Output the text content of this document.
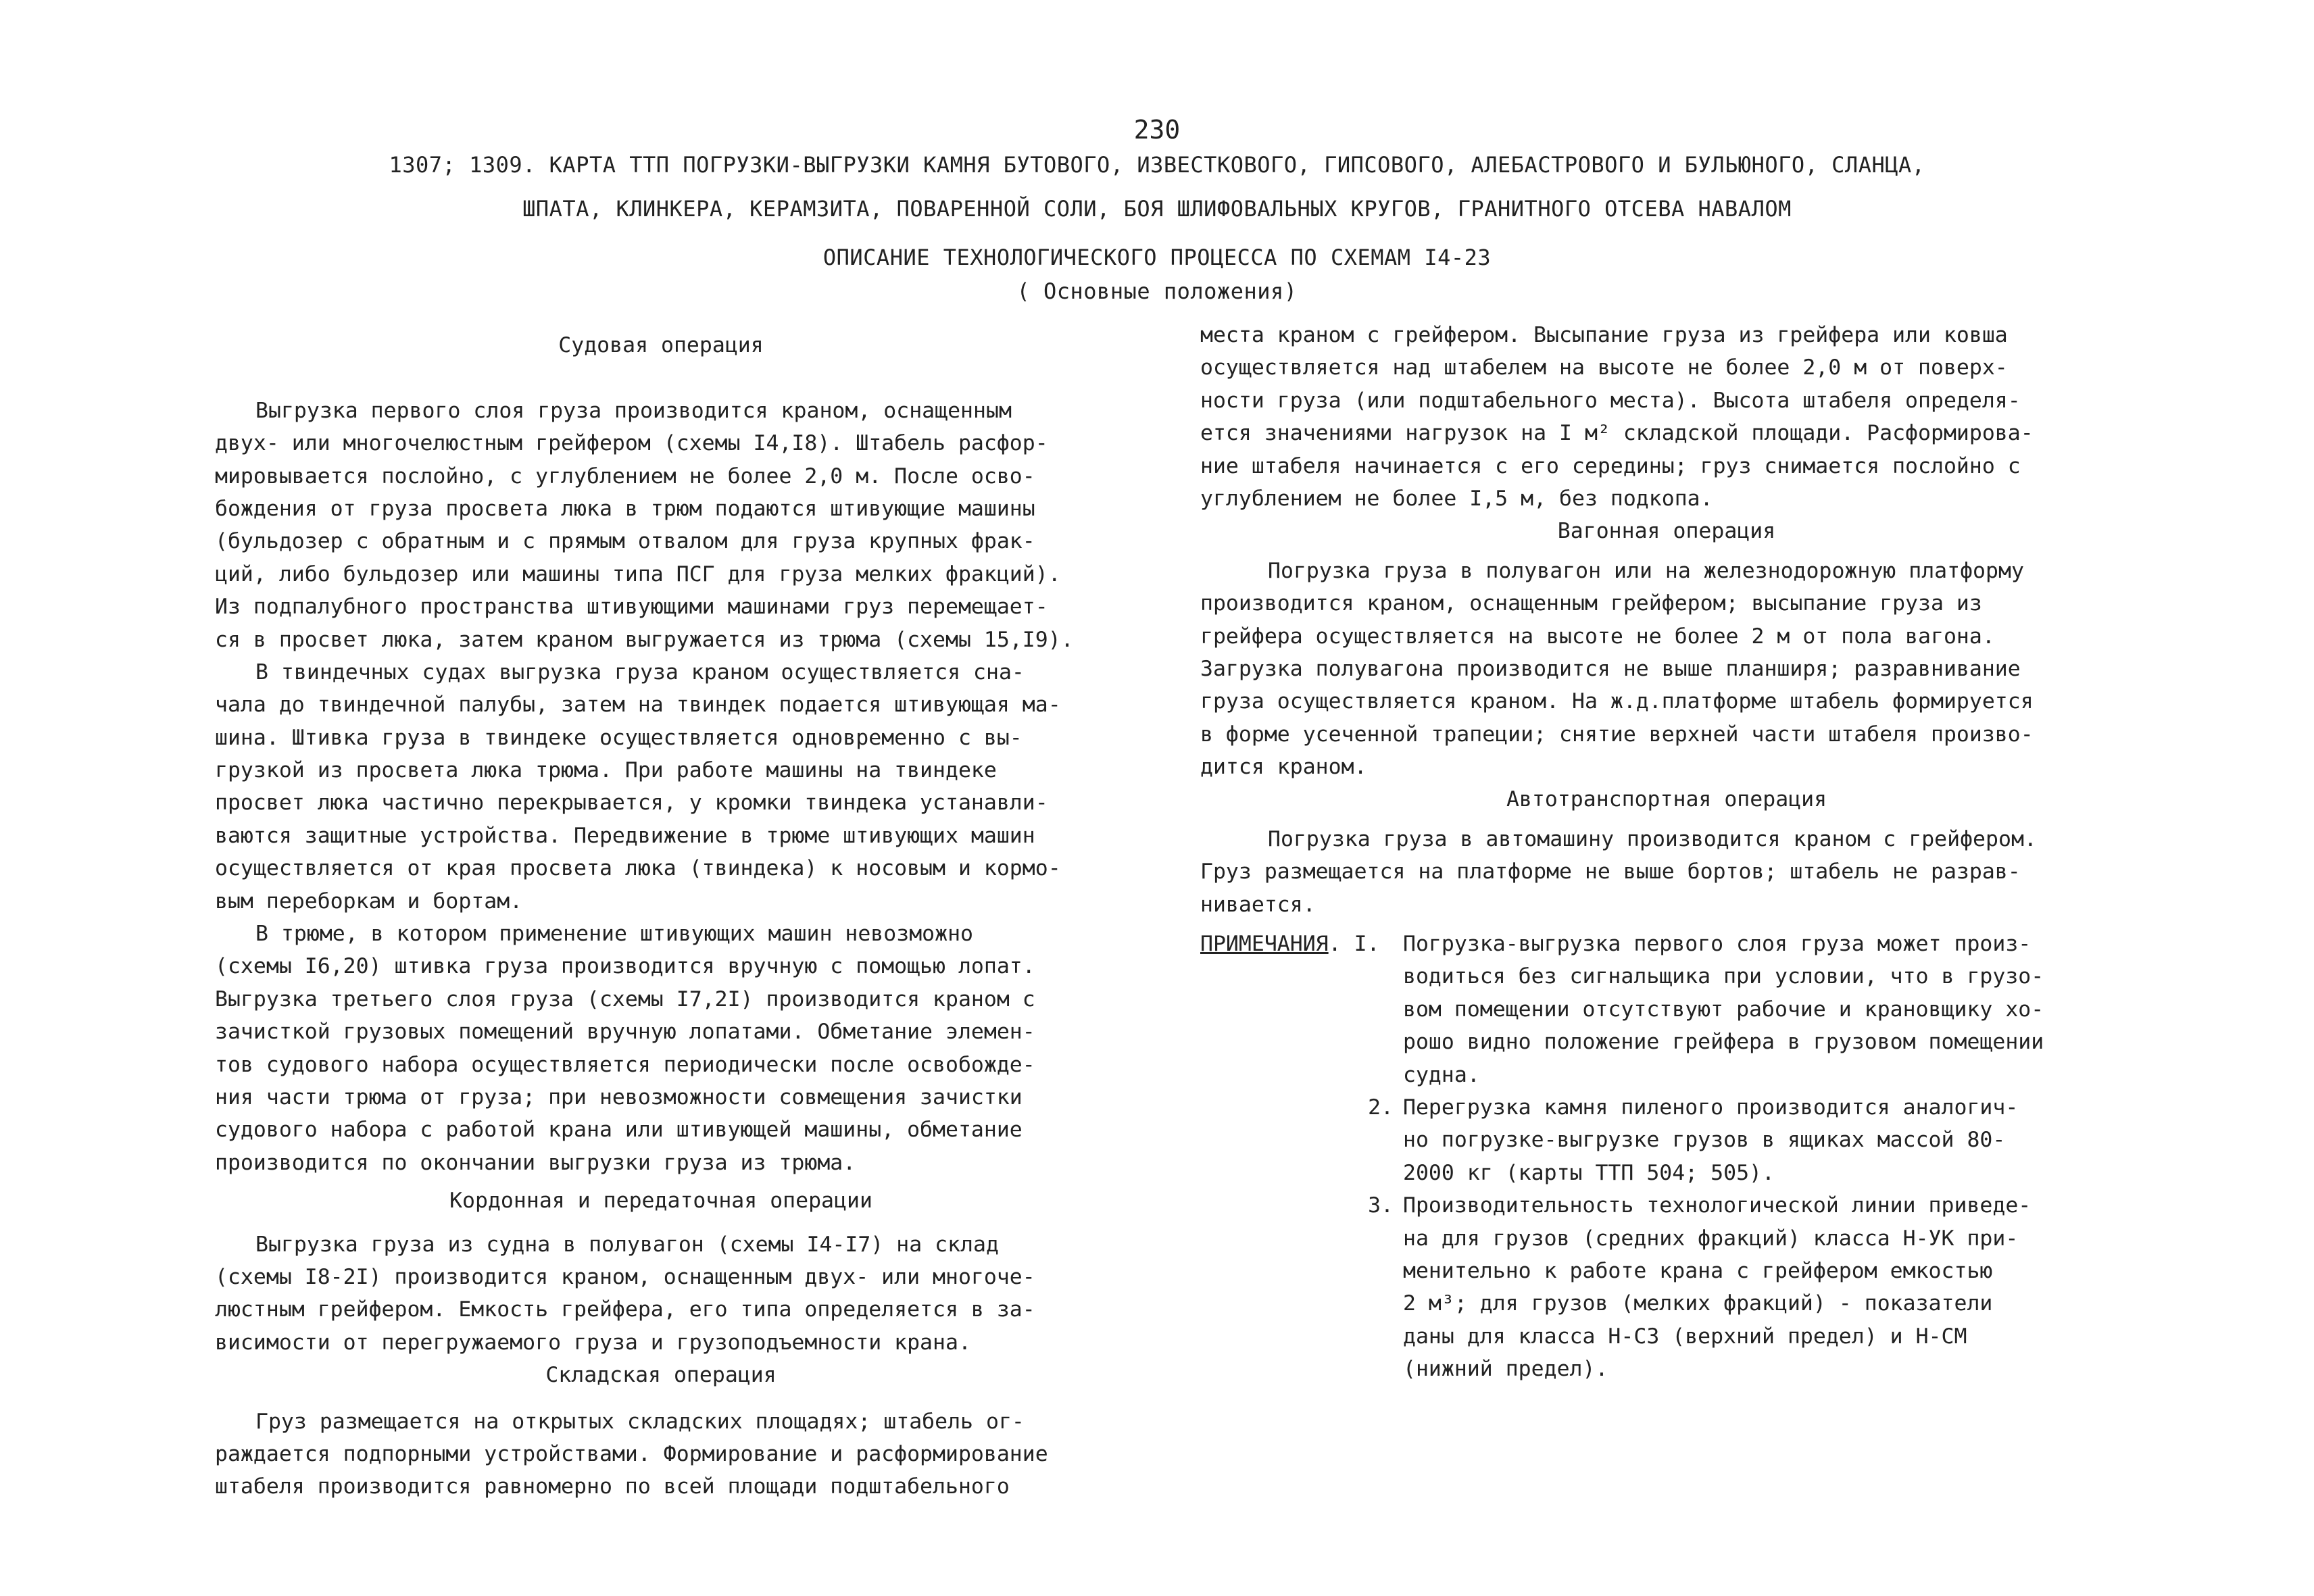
230
1307; 1309. КАРТА ТТП ПОГРУЗКИ-ВЫГРУЗКИ КАМНЯ БУТОВОГО, ИЗВЕСТКОВОГО, ГИПСОВОГО, АЛЕБАСТРОВОГО И БУЛЬЮНОГО, СЛАНЦА,
ШПАТА, КЛИНКЕРА, КЕРАМЗИТА, ПОВАРЕННОЙ СОЛИ, БОЯ ШЛИФОВАЛЬНЫХ КРУГОВ, ГРАНИТНОГО ОТСЕВА НАВАЛОМ
ОПИСАНИЕ ТЕХНОЛОГИЧЕСКОГО ПРОЦЕССА ПО СХЕМАМ I4-23
( Основные положения)
Судовая операция
Выгрузка первого слоя груза производится краном, оснащенным
двух- или многочелюстным грейфером (схемы I4,I8). Штабель расфор-
мировывается послойно, с углублением не более 2,0 м. После осво-
бождения от груза просвета люка в трюм подаются штивующие машины
(бульдозер с обратным и с прямым отвалом для груза крупных фрак-
ций, либо бульдозер или машины типа ПСГ для груза мелких фракций).
Из подпалубного пространства штивующими машинами груз перемещает-
ся в просвет люка, затем краном выгружается из трюма (схемы 15,I9).
В твиндечных судах выгрузка груза краном осуществляется сна-
чала до твиндечной палубы, затем на твиндек подается штивующая ма-
шина. Штивка груза в твиндеке осуществляется одновременно с вы-
грузкой из просвета люка трюма. При работе машины на твиндеке
просвет люка частично перекрывается, у кромки твиндека устанавли-
ваются защитные устройства. Передвижение в трюме штивующих машин
осуществляется от края просвета люка (твиндека) к носовым и кормо-
вым переборкам и бортам.
В трюме, в котором применение штивующих машин невозможно
(схемы I6,20) штивка груза производится вручную с помощью лопат.
Выгрузка третьего слоя груза (схемы I7,2I) производится краном с
зачисткой грузовых помещений вручную лопатами. Обметание элемен-
тов судового набора осуществляется периодически после освобожде-
ния части трюма от груза; при невозможности совмещения зачистки
судового набора с работой крана или штивующей машины, обметание
производится по окончании выгрузки груза из трюма.
Кордонная и передаточная операции
Выгрузка груза из судна в полувагон (схемы I4-I7) на склад
(схемы I8-2I) производится краном, оснащенным двух- или многоче-
люстным грейфером. Емкость грейфера, его типа определяется в за-
висимости от перегружаемого груза и грузоподъемности крана.
Складская операция
Груз размещается на открытых складских площадях; штабель ог-
раждается подпорными устройствами. Формирование и расформирование
штабеля производится равномерно по всей площади подштабельного
места краном с грейфером. Высыпание груза из грейфера или ковша
осуществляется над штабелем на высоте не более 2,0 м от поверх-
ности груза (или подштабельного места). Высота штабеля определя-
ется значениями нагрузок на I м² складской площади. Расформирова-
ние штабеля начинается с его середины; груз снимается послойно с
углублением не более I,5 м, без подкопа.
Вагонная операция
Погрузка груза в полувагон или на железнодорожную платформу
производится краном, оснащенным грейфером; высыпание груза из
грейфера осуществляется на высоте не более 2 м от пола вагона.
Загрузка полувагона производится не выше планширя; разравнивание
груза осуществляется краном. На ж.д.платформе штабель формируется
в форме усеченной трапеции; снятие верхней части штабеля произво-
дится краном.
Автотранспортная операция
Погрузка груза в автомашину производится краном с грейфером.
Груз размещается на платформе не выше бортов; штабель не разрав-
нивается.
ПРИМЕЧАНИЯ. I.	Погрузка-выгрузка первого слоя груза может произ-
водиться без сигнальщика при условии, что в грузо-
вом помещении отсутствуют рабочие и крановщику хо-
рошо видно положение грейфера в грузовом помещении
судна.
2. Перегрузка камня пиленого производится аналогич-
но погрузке-выгрузке грузов в ящиках массой 80-
2000 кг (карты ТТП 504; 505).
3. Производительность технологической линии приведе-
на для грузов (средних фракций) класса Н-УК при-
менительно к работе крана с грейфером емкостью
2 м³; для грузов (мелких фракций) - показатели
даны для класса Н-СЗ (верхний предел) и Н-СМ
(нижний предел).
